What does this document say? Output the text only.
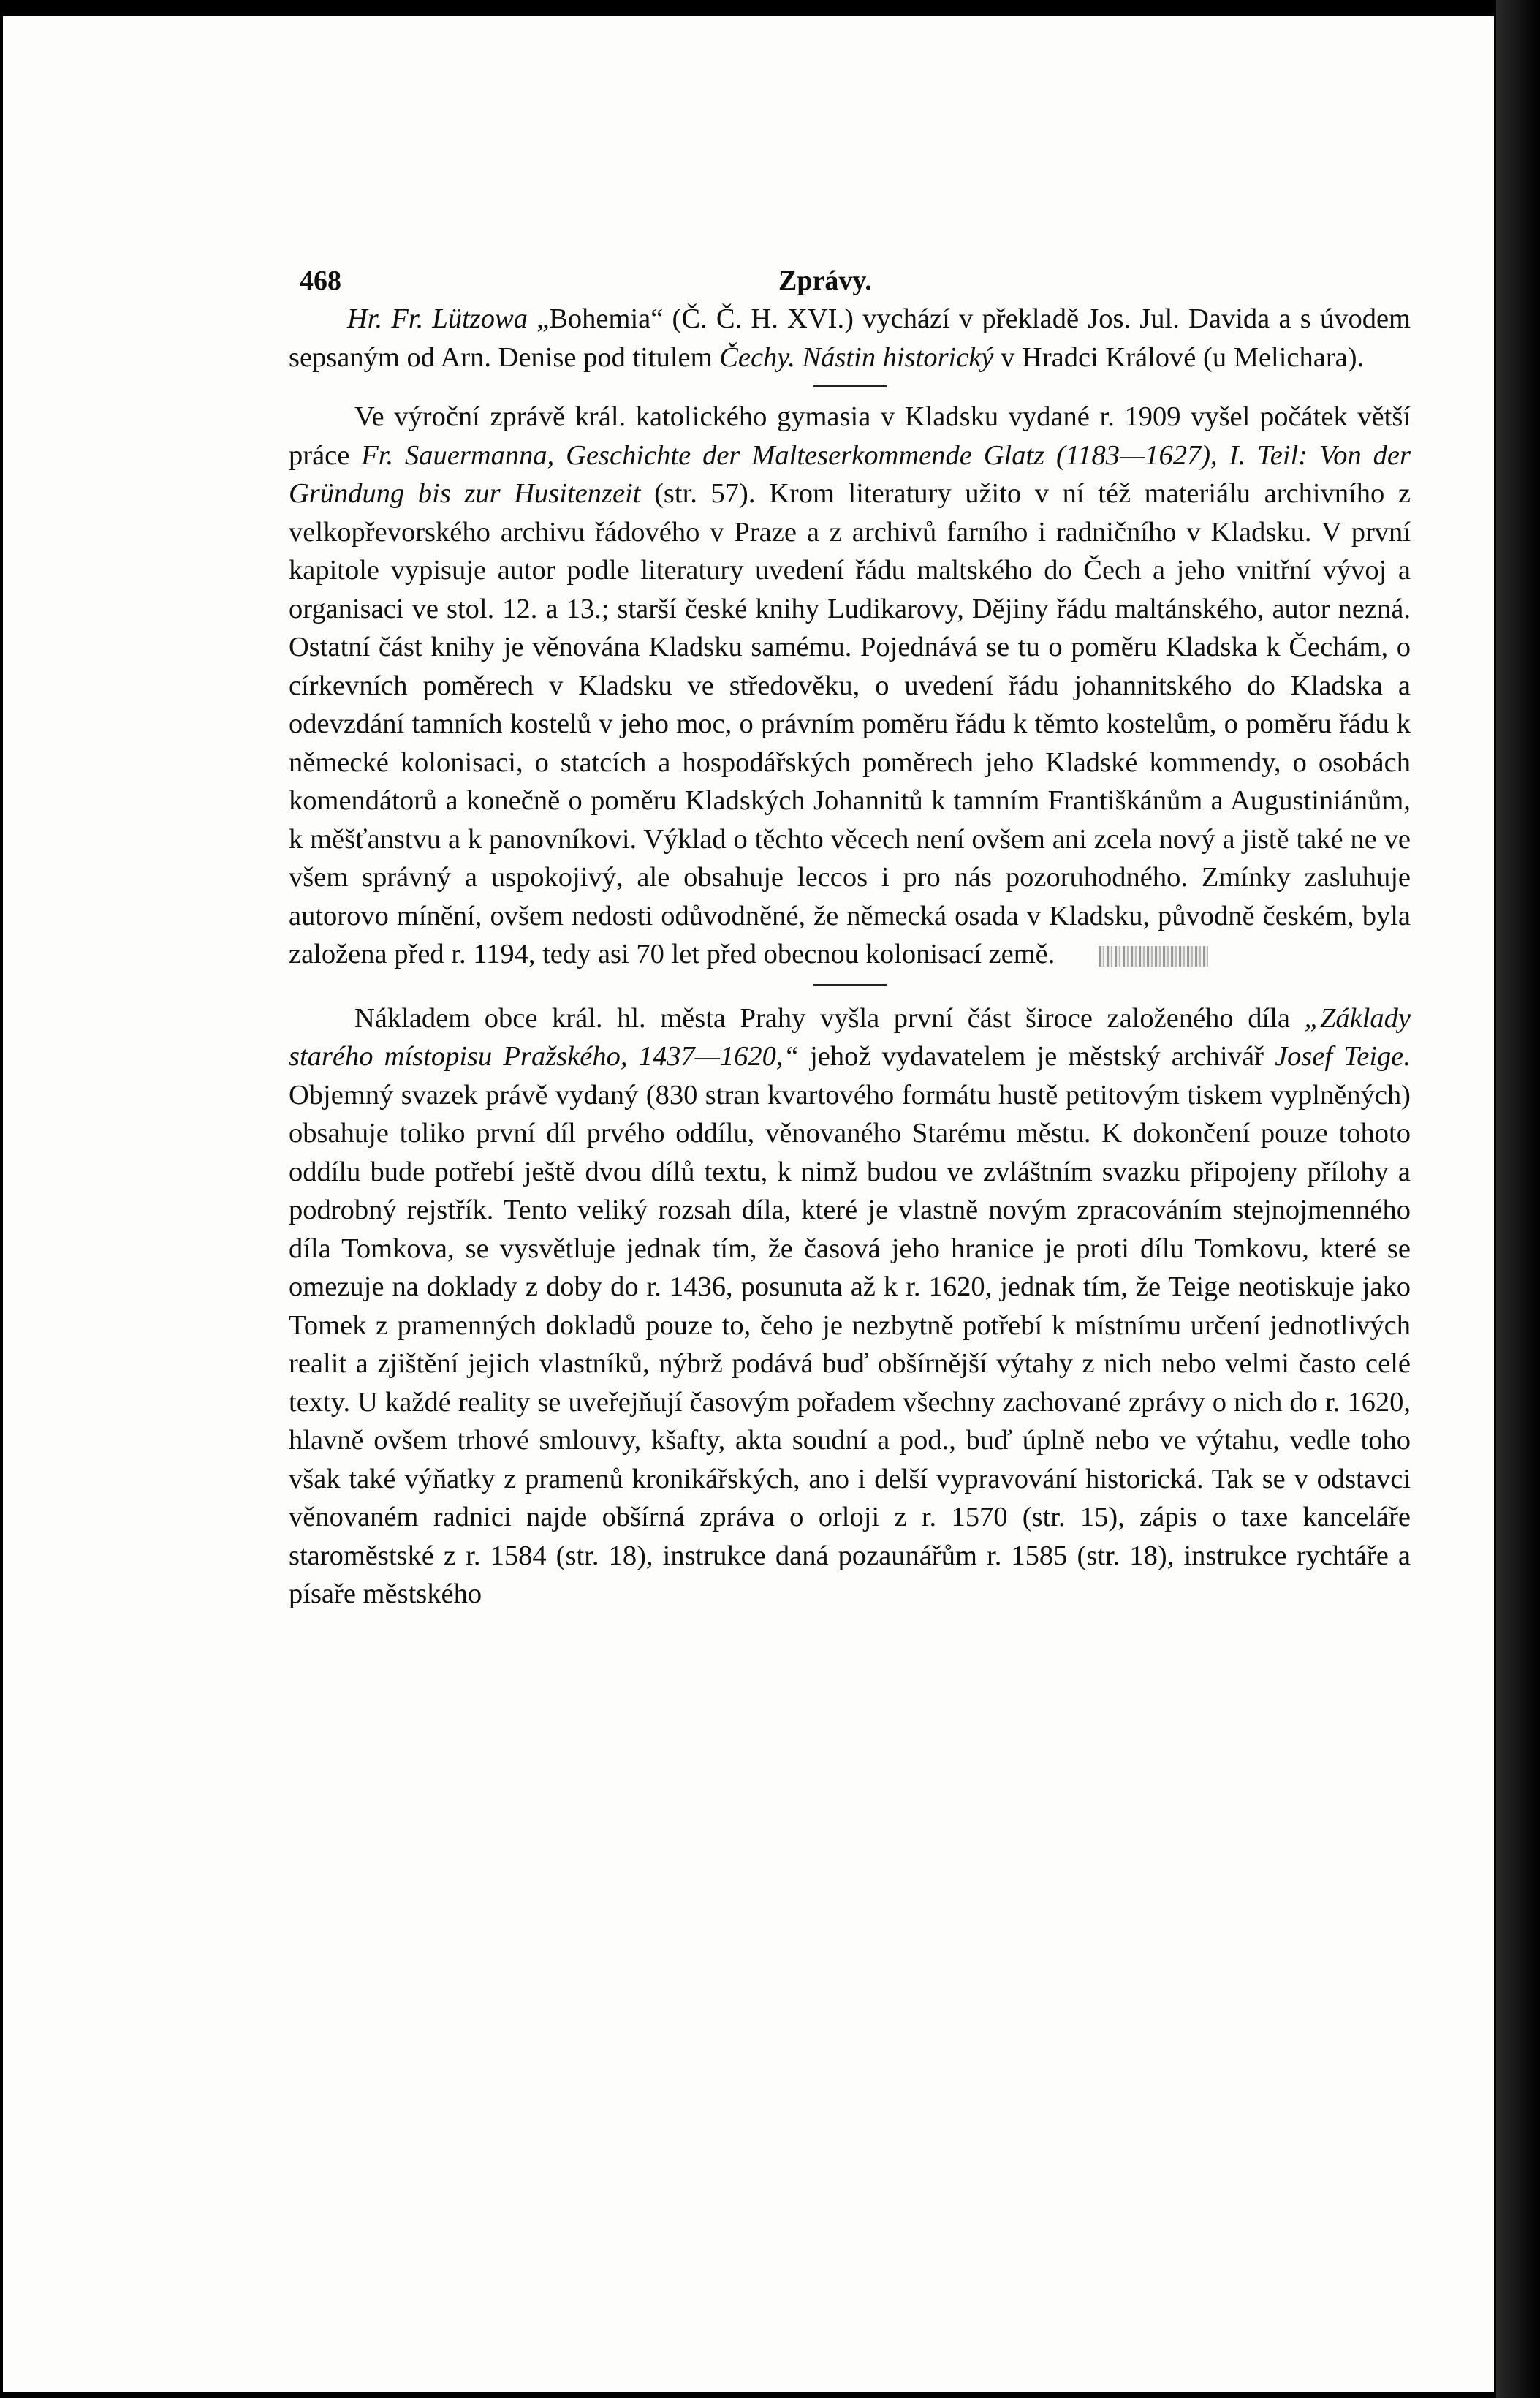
468	Zprávy.

Hr. Fr. Lützowa „Bohemia“ (Č. Č. H. XVI.) vychází v překladě Jos. Jul. Davida a s úvodem sepsaným od Arn. Denise pod titulem Čechy. Nástin historický v Hradci Králové (u Melichara).

Ve výroční zprávě král. katolického gymasia v Kladsku vydané r. 1909 vyšel počátek větší práce Fr. Sauermanna, Geschichte der Malteserkommende Glatz (1183—1627), I. Teil: Von der Gründung bis zur Husitenzeit (str. 57). Krom literatury užito v ní též materiálu archivního z velkopřevorského archivu řádového v Praze a z archivů farního i radničního v Kladsku. V první kapitole vypisuje autor podle literatury uvedení řádu maltského do Čech a jeho vnitřní vývoj a organisaci ve stol. 12. a 13.; starší české knihy Ludikarovy, Dějiny řádu maltánského, autor nezná. Ostatní část knihy je věnována Kladsku samému. Pojednává se tu o poměru Kladska k Čechám, o církevních poměrech v Kladsku ve středověku, o uvedení řádu johannitského do Kladska a odevzdání tamních kostelů v jeho moc, o právním poměru řádu k těmto kostelům, o poměru řádu k německé kolonisaci, o statcích a hospodářských poměrech jeho Kladské kommendy, o osobách komendátorů a konečně o poměru Kladských Johannitů k tamním Františkánům a Augustiniánům, k měšťanstvu a k panovníkovi. Výklad o těchto věcech není ovšem ani zcela nový a jistě také ne ve všem správný a uspokojivý, ale obsahuje leccos i pro nás pozoruhodného. Zmínky zasluhuje autorovo mínění, ovšem nedosti odůvodněné, že německá osada v Kladsku, původně českém, byla založena před r. 1194, tedy asi 70 let před obecnou kolonisací země.

Nákladem obce král. hl. města Prahy vyšla první část široce založeného díla „Základy starého místopisu Pražského, 1437—1620,“ jehož vydavatelem je městský archivář Josef Teige. Objemný svazek právě vydaný (830 stran kvartového formátu hustě petitovým tiskem vyplněných) obsahuje toliko první díl prvého oddílu, věnovaného Starému městu. K dokončení pouze tohoto oddílu bude potřebí ještě dvou dílů textu, k nimž budou ve zvláštním svazku připojeny přílohy a podrobný rejstřík. Tento veliký rozsah díla, které je vlastně novým zpracováním stejnojmenného díla Tomkova, se vysvětluje jednak tím, že časová jeho hranice je proti dílu Tomkovu, které se omezuje na doklady z doby do r. 1436, posunuta až k r. 1620, jednak tím, že Teige neotiskuje jako Tomek z pramenných dokladů pouze to, čeho je nezbytně potřebí k místnímu určení jednotlivých realit a zjištění jejich vlastníků, nýbrž podává buď obšírnější výtahy z nich nebo velmi často celé texty. U každé reality se uveřejňují časovým pořadem všechny zachované zprávy o nich do r. 1620, hlavně ovšem trhové smlouvy, kšafty, akta soudní a pod., buď úplně nebo ve výtahu, vedle toho však také výňatky z pramenů kronikářských, ano i delší vypravování historická. Tak se v odstavci věnovaném radnici najde obšírná zpráva o orloji z r. 1570 (str. 15), zápis o taxe kanceláře staroměstské z r. 1584 (str. 18), instrukce daná pozaunářům r. 1585 (str. 18), instrukce rychtáře a písaře městského
